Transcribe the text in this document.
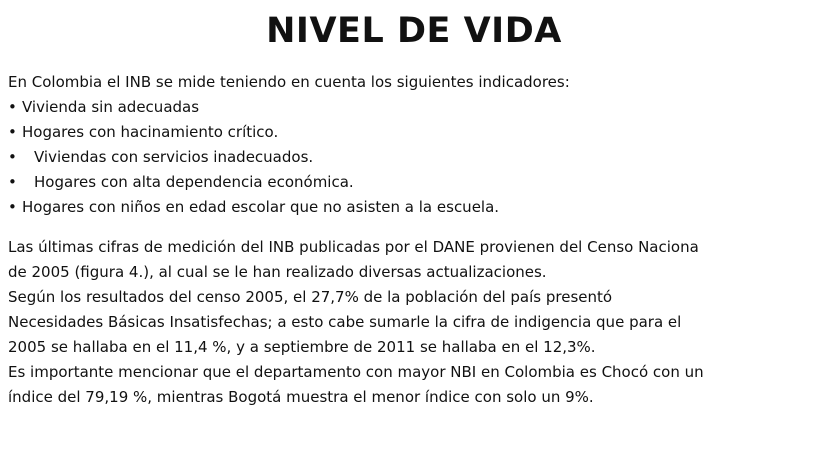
NIVEL DE VIDA

En Colombia el INB se mide teniendo en cuenta los siguientes indicadores:

• Vivienda sin adecuadas
• Hogares con hacinamiento crítico.
• Viviendas con servicios inadecuados.
• Hogares con alta dependencia económica.
• Hogares con niños en edad escolar que no asisten a la escuela.

Las últimas cifras de medición del INB publicadas por el DANE provienen del Censo Naciona

de 2005 (figura 4.), al cual se le han realizado diversas actualizaciones.

Según los resultados del censo 2005, el 27,7% de la población del país presentó

Necesidades Básicas Insatisfechas; a esto cabe sumarle la cifra de indigencia que para el

2005 se hallaba en el 11,4 %, y a septiembre de 2011 se hallaba en el 12,3%.

Es importante mencionar que el departamento con mayor NBI en Colombia es Chocó con un

índice del 79,19 %, mientras Bogotá muestra el menor índice con solo un 9%.
